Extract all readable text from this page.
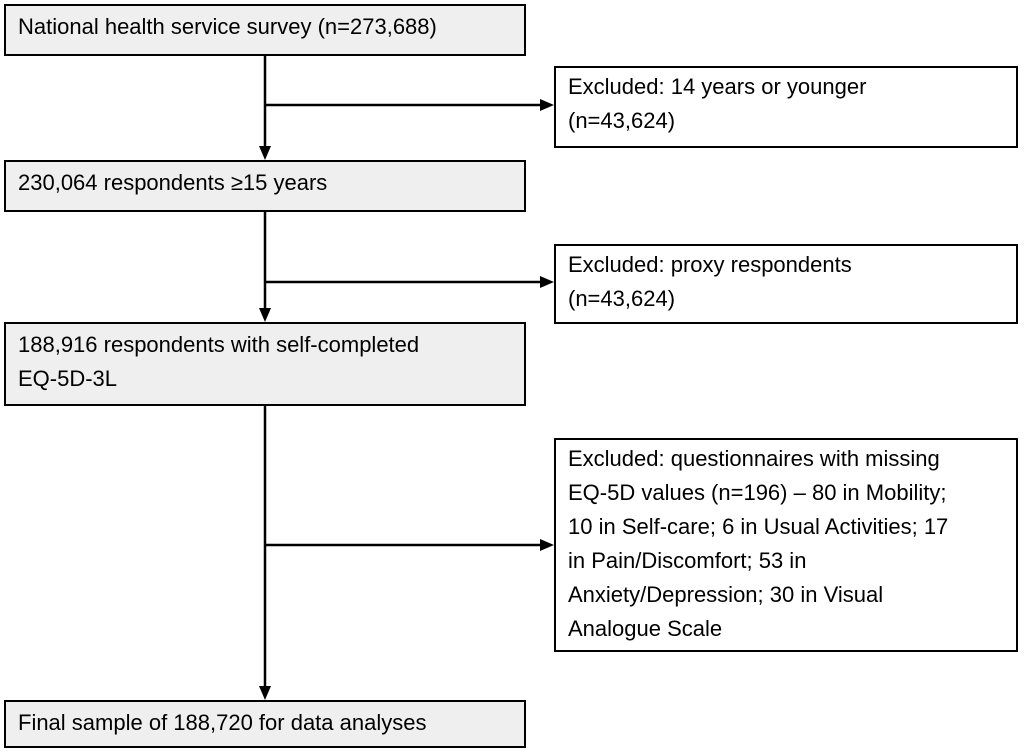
National health service survey (n=273,688)
Excluded: 14 years or younger
(n=43,624)
230,064 respondents ≥15 years
Excluded: proxy respondents
(n=43,624)
188,916 respondents with self-completed
EQ-5D-3L
Excluded: questionnaires with missing
EQ-5D values (n=196) – 80 in Mobility;
10 in Self-care; 6 in Usual Activities; 17
in Pain/Discomfort; 53 in
Anxiety/Depression; 30 in Visual
Analogue Scale
Final sample of 188,720 for data analyses
